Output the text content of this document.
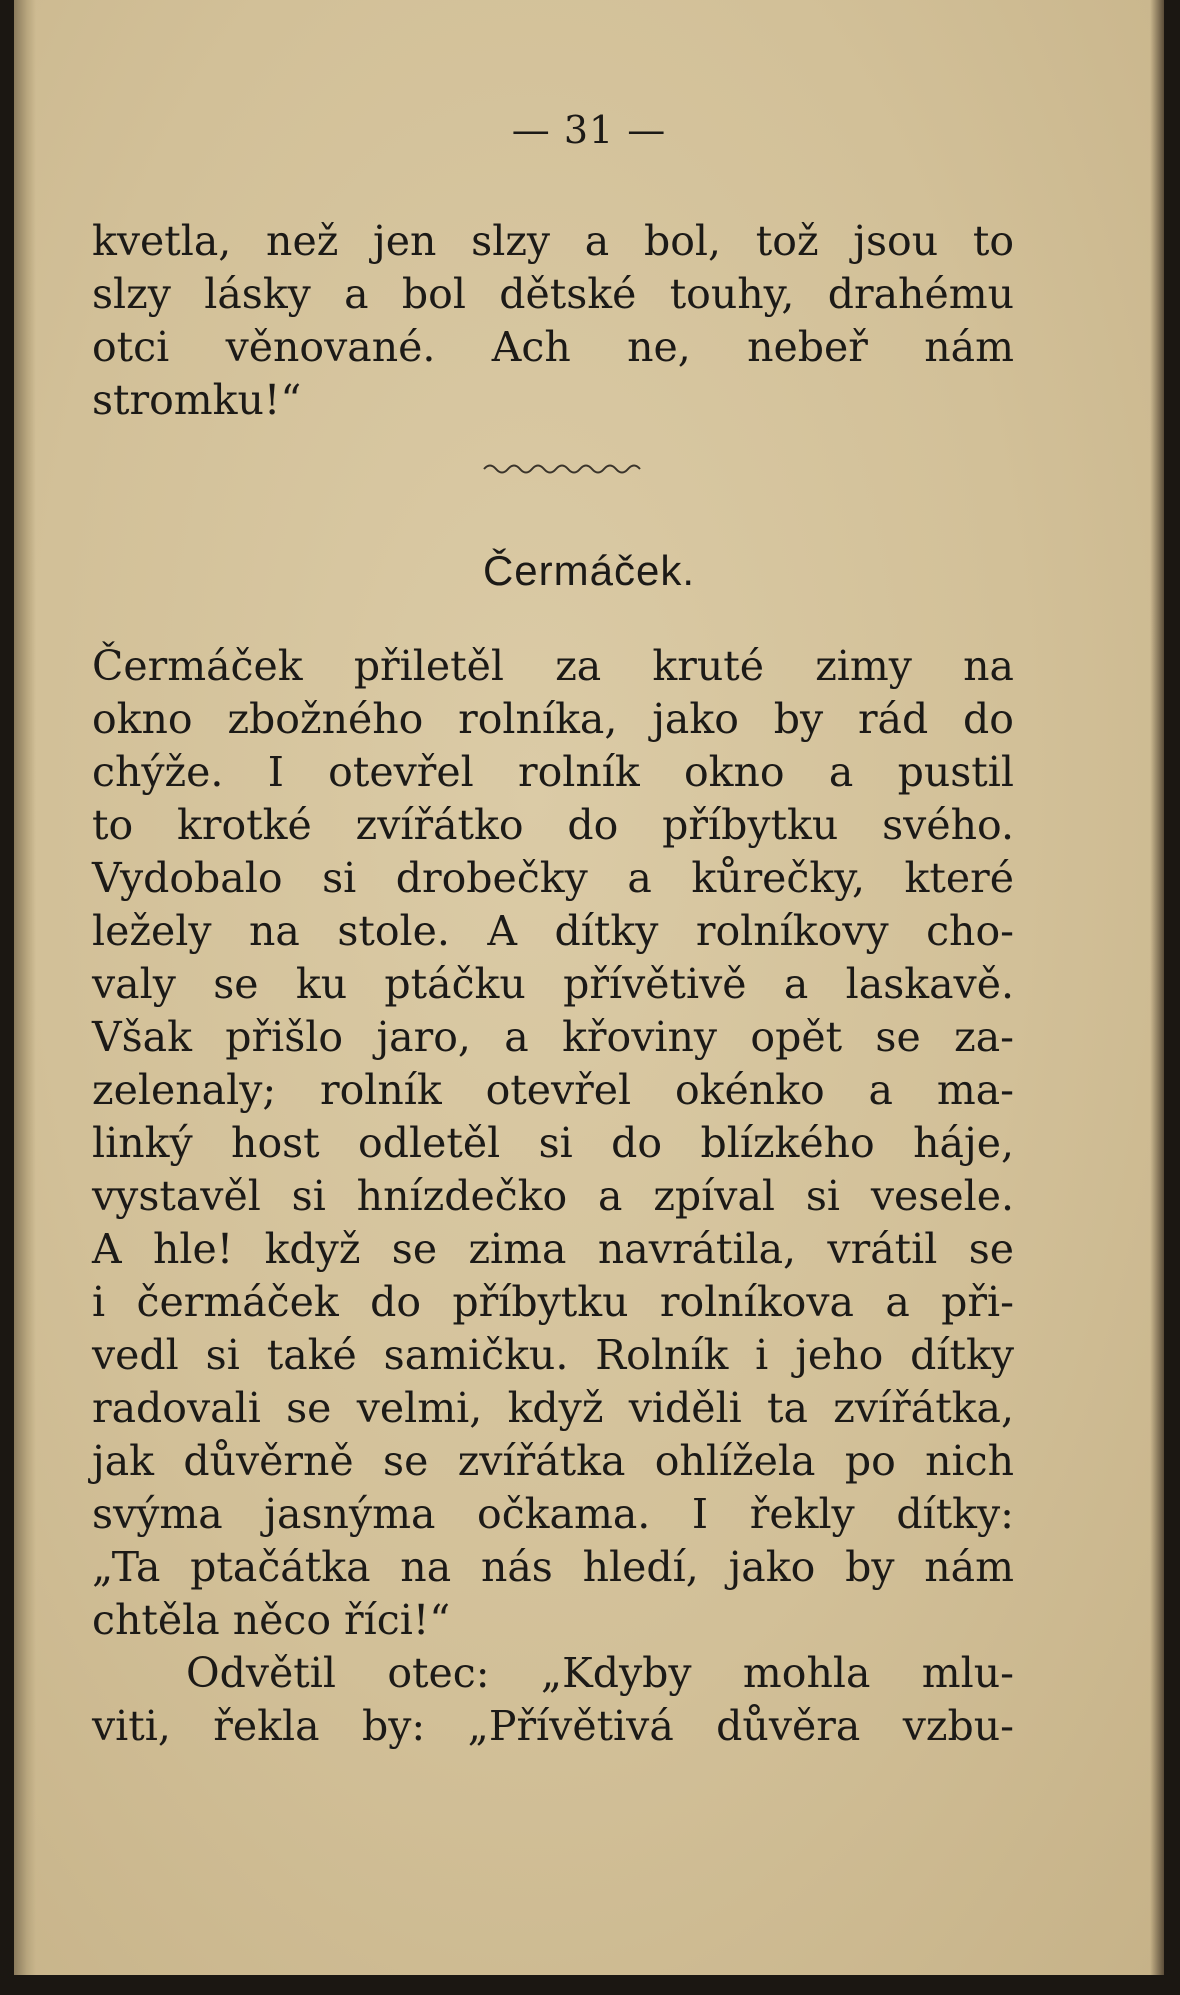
— 31 —

kvetla, než jen slzy a bol, tož jsou to
slzy lásky a bol dětské touhy, drahému
otci věnované. Ach ne, nebeř nám
stromku!“

Čermáček.

Čermáček přiletěl za kruté zimy na
okno zbožného rolníka, jako by rád do
chýže. I otevřel rolník okno a pustil
to krotké zvířátko do příbytku svého.
Vydobalo si drobečky a kůrečky, které
ležely na stole. A dítky rolníkovy cho-
valy se ku ptáčku přívětivě a laskavě.
Však přišlo jaro, a křoviny opět se za-
zelenaly; rolník otevřel okénko a ma-
linký host odletěl si do blízkého háje,
vystavěl si hnízdečko a zpíval si vesele.
A hle! když se zima navrátila, vrátil se
i čermáček do příbytku rolníkova a při-
vedl si také samičku. Rolník i jeho dítky
radovali se velmi, když viděli ta zvířátka,
jak důvěrně se zvířátka ohlížela po nich
svýma jasnýma očkama. I řekly dítky:
„Ta ptačátka na nás hledí, jako by nám
chtěla něco říci!“

Odvětil otec: „Kdyby mohla mlu-
viti, řekla by: „Přívětivá důvěra vzbu-
